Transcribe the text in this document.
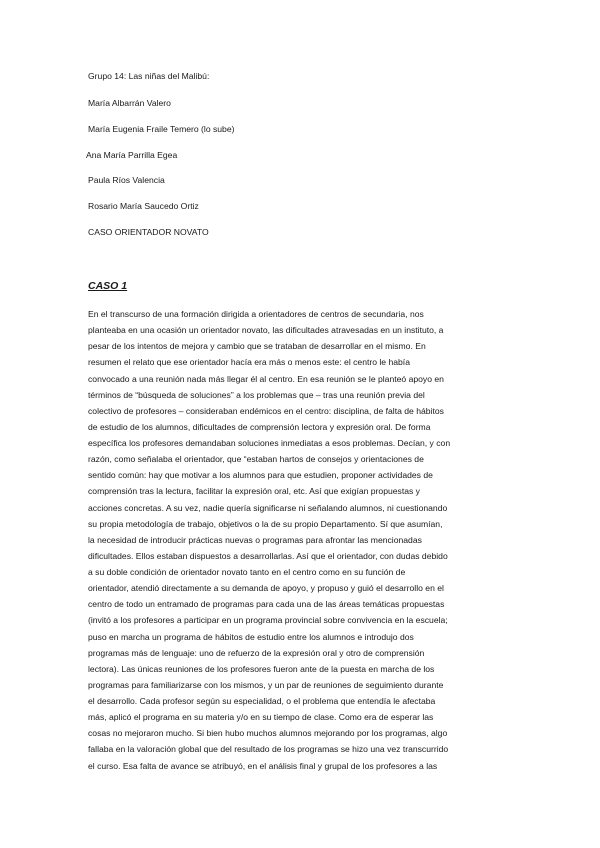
Grupo 14: Las niñas del Malibú:
María Albarrán Valero
María Eugenia Fraile Temero (lo sube)
Ana María Parrilla Egea
Paula Ríos Valencia
Rosario María Saucedo Ortiz
CASO ORIENTADOR NOVATO
CASO 1
En el transcurso de una formación dirigida a orientadores de centros de secundaria, nos
planteaba en una ocasión un orientador novato, las dificultades atravesadas en un instituto, a
pesar de los intentos de mejora y cambio que se trataban de desarrollar en el mismo. En
resumen el relato que ese orientador hacía era más o menos este: el centro le había
convocado a una reunión nada más llegar él al centro. En esa reunión se le planteó apoyo en
términos de “búsqueda de soluciones” a los problemas que – tras una reunión previa del
colectivo de profesores – consideraban endémicos en el centro: disciplina, de falta de hábitos
de estudio de los alumnos, dificultades de comprensión lectora y expresión oral. De forma
específica los profesores demandaban soluciones inmediatas a esos problemas. Decían, y con
razón, como señalaba el orientador, que “estaban hartos de consejos y orientaciones de
sentido común: hay que motivar a los alumnos para que estudien, proponer actividades de
comprensión tras la lectura, facilitar la expresión oral, etc. Así que exigían propuestas y
acciones concretas. A su vez, nadie quería significarse ni señalando alumnos, ni cuestionando
su propia metodología de trabajo, objetivos o la de su propio Departamento. Sí que asumían,
la necesidad de introducir prácticas nuevas o programas para afrontar las mencionadas
dificultades. Ellos estaban dispuestos a desarrollarlas. Así que el orientador, con dudas debido
a su doble condición de orientador novato tanto en el centro como en su función de
orientador, atendió directamente a su demanda de apoyo, y propuso y guió el desarrollo en el
centro de todo un entramado de programas para cada una de las áreas temáticas propuestas
(invitó a los profesores a participar en un programa provincial sobre convivencia en la escuela;
puso en marcha un programa de hábitos de estudio entre los alumnos e introdujo dos
programas más de lenguaje: uno de refuerzo de la expresión oral y otro de comprensión
lectora). Las únicas reuniones de los profesores fueron ante de la puesta en marcha de los
programas para familiarizarse con los mismos, y un par de reuniones de seguimiento durante
el desarrollo. Cada profesor según su especialidad, o el problema que entendía le afectaba
más, aplicó el programa en su materia y/o en su tiempo de clase. Como era de esperar las
cosas no mejoraron mucho. Si bien hubo muchos alumnos mejorando por los programas, algo
fallaba en la valoración global que del resultado de los programas se hizo una vez transcurrido
el curso. Esa falta de avance se atribuyó, en el análisis final y grupal de los profesores a las
